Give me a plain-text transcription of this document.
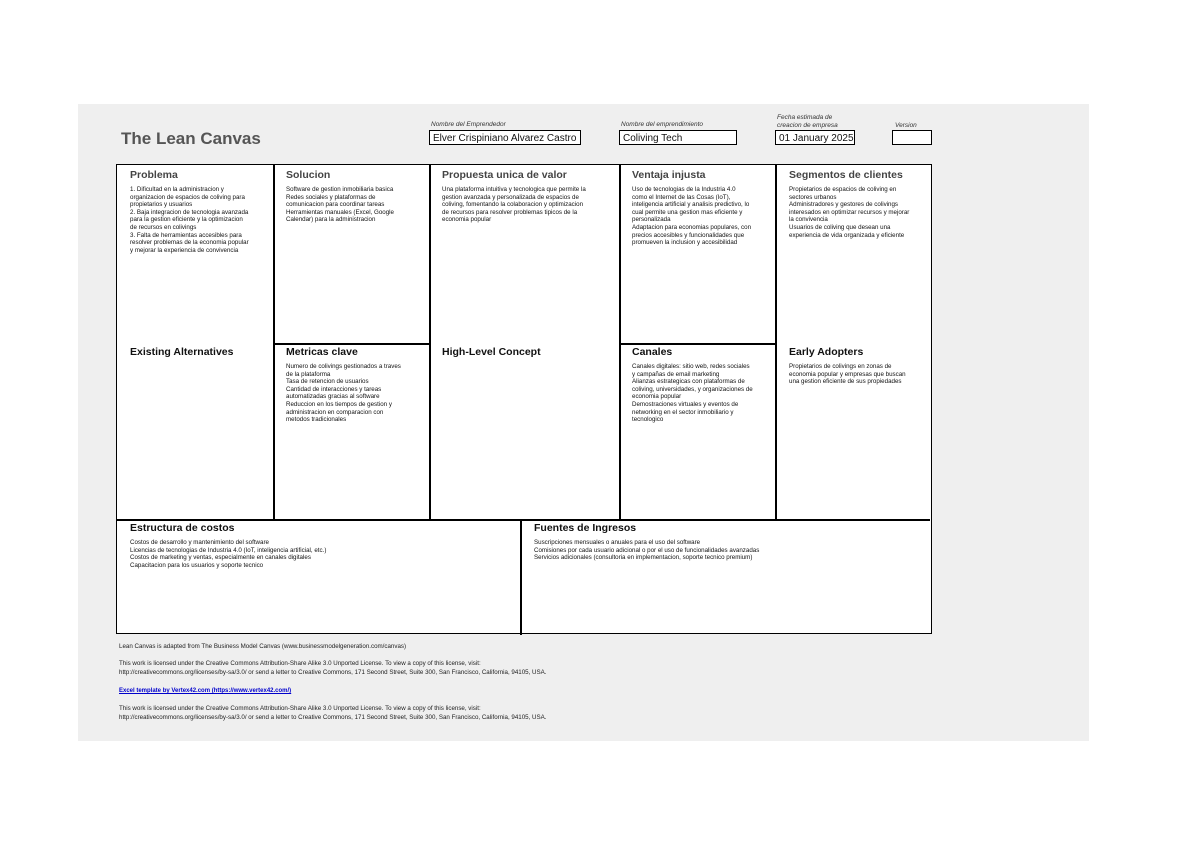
The Lean Canvas
Nombre del Emprendedor
Elver Crispiniano Alvarez Castro
Nombre del emprendimiento
Coliving Tech
Fecha estimada de
creacion de empresa
01 January 2025
Version
Problema

1. Dificultad en la administracion y

organizacion de espacios de coliving para

propietarios y usuarios

2. Baja integracion de tecnologia avanzada

para la gestion eficiente y la optimizacion

de recursos en colivings

3. Falta de herramientas accesibles para

resolver problemas de la economia popular

y mejorar la experiencia de convivencia

Existing Alternatives
Solucion

Software de gestion inmobiliaria basica

Redes sociales y plataformas de

comunicacion para coordinar tareas

Herramientas manuales (Excel, Google

Calendar) para la administracion

Metricas clave

Numero de colivings gestionados a traves

de la plataforma

Tasa de retencion de usuarios

Cantidad de interacciones y tareas

automatizadas gracias al software

Reduccion en los tiempos de gestion y

administracion en comparacion con

metodos tradicionales

Propuesta unica de valor

Una plataforma intuitiva y tecnologica que permite la

gestion avanzada y personalizada de espacios de

coliving, fomentando la colaboracion y optimizacion

de recursos para resolver problemas tipicos de la

economia popular

High-Level Concept
Ventaja injusta

Uso de tecnologias de la Industria 4.0

como el Internet de las Cosas (IoT),

inteligencia artificial y analisis predictivo, lo

cual permite una gestion mas eficiente y

personalizada

Adaptacion para economias populares, con

precios accesibles y funcionalidades que

promueven la inclusion y accesibilidad

Canales

Canales digitales: sitio web, redes sociales

y campañas de email marketing

Alianzas estrategicas con plataformas de

coliving, universidades, y organizaciones de

economia popular

Demostraciones virtuales y eventos de

networking en el sector inmobiliario y

tecnologico

Segmentos de clientes

Propietarios de espacios de coliving en

sectores urbanos

Administradores y gestores de colivings

interesados en optimizar recursos y mejorar

la convivencia

Usuarios de coliving que desean una

experiencia de vida organizada y eficiente

Early Adopters

Propietarios de colivings en zonas de

economia popular y empresas que buscan

una gestion eficiente de sus propiedades

Estructura de costos

Costos de desarrollo y mantenimiento del software

Licencias de tecnologias de Industria 4.0 (IoT, inteligencia artificial, etc.)

Costos de marketing y ventas, especialmente en canales digitales

Capacitacion para los usuarios y soporte tecnico

Fuentes de Ingresos

Suscripciones mensuales o anuales para el uso del software

Comisiones por cada usuario adicional o por el uso de funcionalidades avanzadas

Servicios adicionales (consultoria en implementacion, soporte tecnico premium)

Lean Canvas is adapted from The Business Model Canvas (www.businessmodelgeneration.com/canvas)

This work is licensed under the Creative Commons Attribution-Share Alike 3.0 Unported License. To view a copy of this license, visit:

http://creativecommons.org/licenses/by-sa/3.0/ or send a letter to Creative Commons, 171 Second Street, Suite 300, San Francisco, California, 94105, USA.

Excel template by Vertex42.com (https://www.vertex42.com/)

This work is licensed under the Creative Commons Attribution-Share Alike 3.0 Unported License. To view a copy of this license, visit:

http://creativecommons.org/licenses/by-sa/3.0/ or send a letter to Creative Commons, 171 Second Street, Suite 300, San Francisco, California, 94105, USA.
